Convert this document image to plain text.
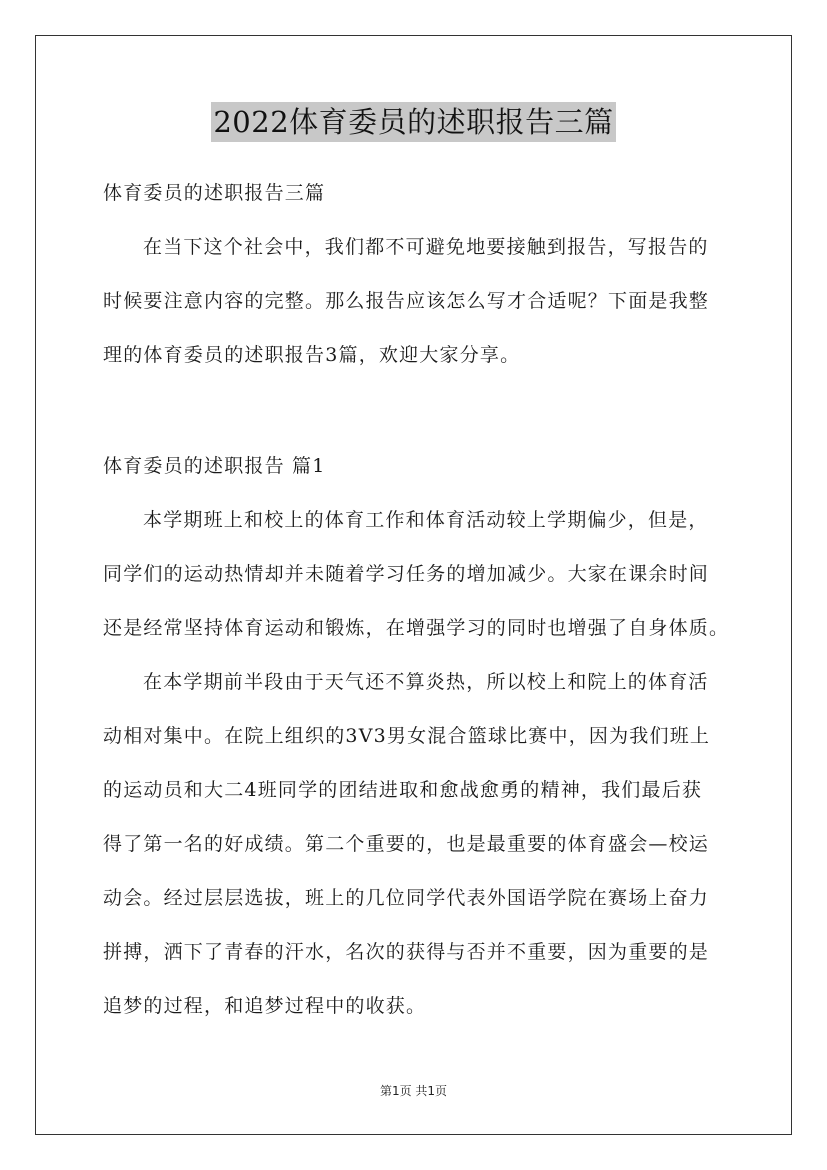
2022体育委员的述职报告三篇
体育委员的述职报告三篇
在当下这个社会中，我们都不可避免地要接触到报告，写报告的
时候要注意内容的完整。那么报告应该怎么写才合适呢？下面是我整
理的体育委员的述职报告3篇，欢迎大家分享。
体育委员的述职报告 篇1
本学期班上和校上的体育工作和体育活动较上学期偏少，但是，
同学们的运动热情却并未随着学习任务的增加减少。大家在课余时间
还是经常坚持体育运动和锻炼，在增强学习的同时也增强了自身体质。
在本学期前半段由于天气还不算炎热，所以校上和院上的体育活
动相对集中。在院上组织的3V3男女混合篮球比赛中，因为我们班上
的运动员和大二4班同学的团结进取和愈战愈勇的精神，我们最后获
得了第一名的好成绩。第二个重要的，也是最重要的体育盛会—校运
动会。经过层层选拔，班上的几位同学代表外国语学院在赛场上奋力
拼搏，洒下了青春的汗水，名次的获得与否并不重要，因为重要的是
追梦的过程，和追梦过程中的收获。
第1页 共1页
